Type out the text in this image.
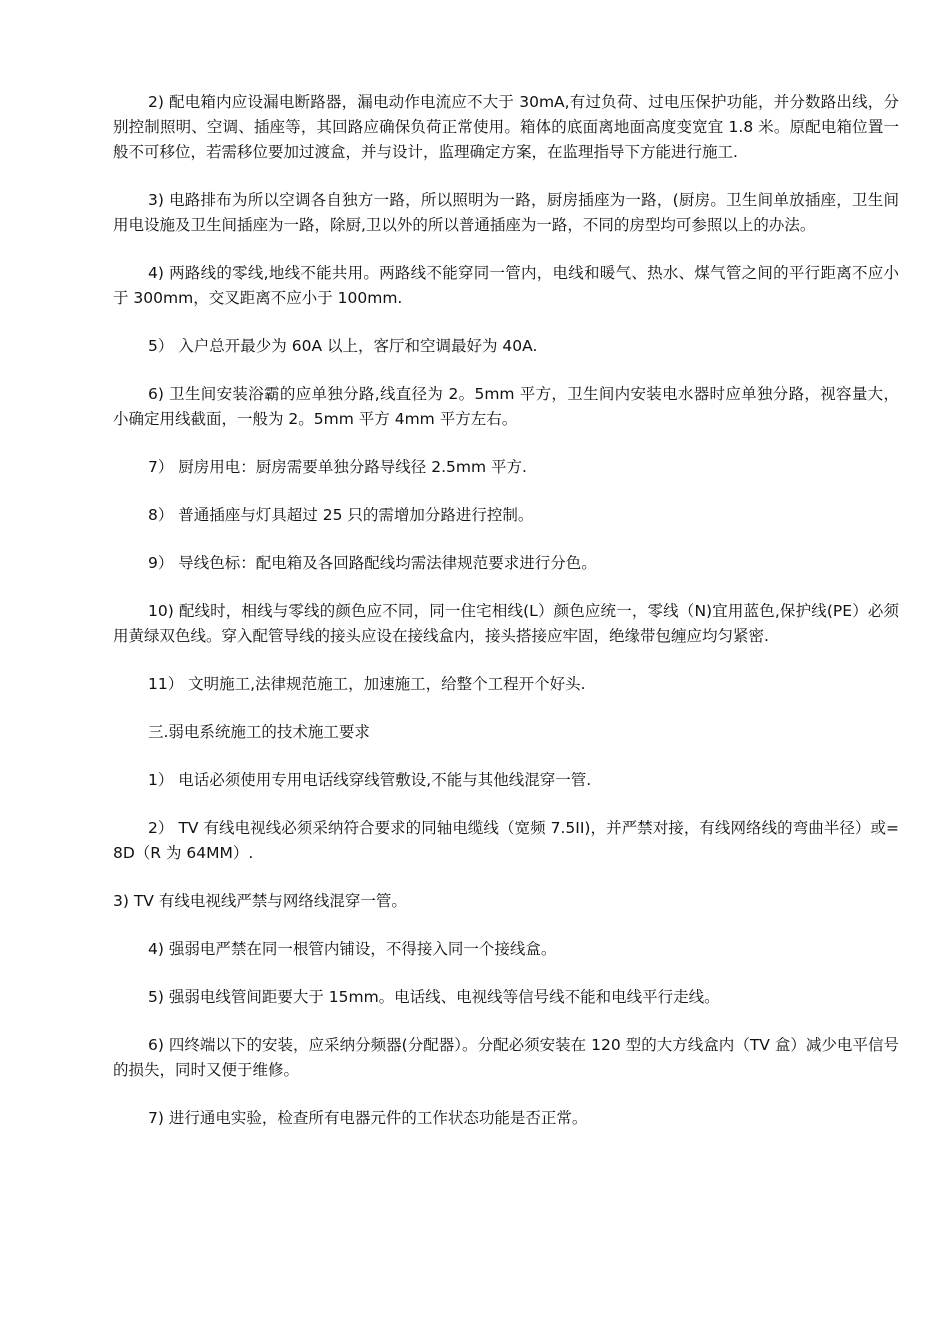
2) 配电箱内应设漏电断路器，漏电动作电流应不大于 30mA,有过负荷、过电压保护功能，并分数路出线，分别控制照明、空调、插座等，其回路应确保负荷正常使用。箱体的底面离地面高度变宽宜 1.8 米。原配电箱位置一般不可移位，若需移位要加过渡盒，并与设计，监理确定方案，在监理指导下方能进行施工.

3) 电路排布为所以空调各自独方一路，所以照明为一路，厨房插座为一路，(厨房。卫生间单放插座，卫生间用电设施及卫生间插座为一路，除厨,卫以外的所以普通插座为一路，不同的房型均可参照以上的办法。

4) 两路线的零线,地线不能共用。两路线不能穿同一管内，电线和暖气、热水、煤气管之间的平行距离不应小于 300mm，交叉距离不应小于 100mm.

5） 入户总开最少为 60A 以上，客厅和空调最好为 40A.

6) 卫生间安装浴霸的应单独分路,线直径为 2。5mm 平方，卫生间内安装电水器时应单独分路，视容量大，小确定用线截面，一般为 2。5mm 平方 4mm 平方左右。

7） 厨房用电：厨房需要单独分路导线径 2.5mm 平方.

8） 普通插座与灯具超过 25 只的需增加分路进行控制。

9） 导线色标：配电箱及各回路配线均需法律规范要求进行分色。

10) 配线时，相线与零线的颜色应不同，同一住宅相线(L）颜色应统一，零线（N)宜用蓝色,保护线(PE）必须用黄绿双色线。穿入配管导线的接头应设在接线盒内，接头搭接应牢固，绝缘带包缠应均匀紧密.

11） 文明施工,法律规范施工，加速施工，给整个工程开个好头.

三.弱电系统施工的技术施工要求

1） 电话必须使用专用电话线穿线管敷设,不能与其他线混穿一管.

2） TV 有线电视线必须采纳符合要求的同轴电缆线（宽频 7.5II)，并严禁对接，有线网络线的弯曲半径）或=8D（R 为 64MM）.

3) TV 有线电视线严禁与网络线混穿一管。

4) 强弱电严禁在同一根管内铺设，不得接入同一个接线盒。

5) 强弱电线管间距要大于 15mm。电话线、电视线等信号线不能和电线平行走线。

6) 四终端以下的安装，应采纳分频器(分配器）。分配必须安装在 120 型的大方线盒内（TV 盒）减少电平信号的损失，同时又便于维修。

7) 进行通电实验，检查所有电器元件的工作状态功能是否正常。
